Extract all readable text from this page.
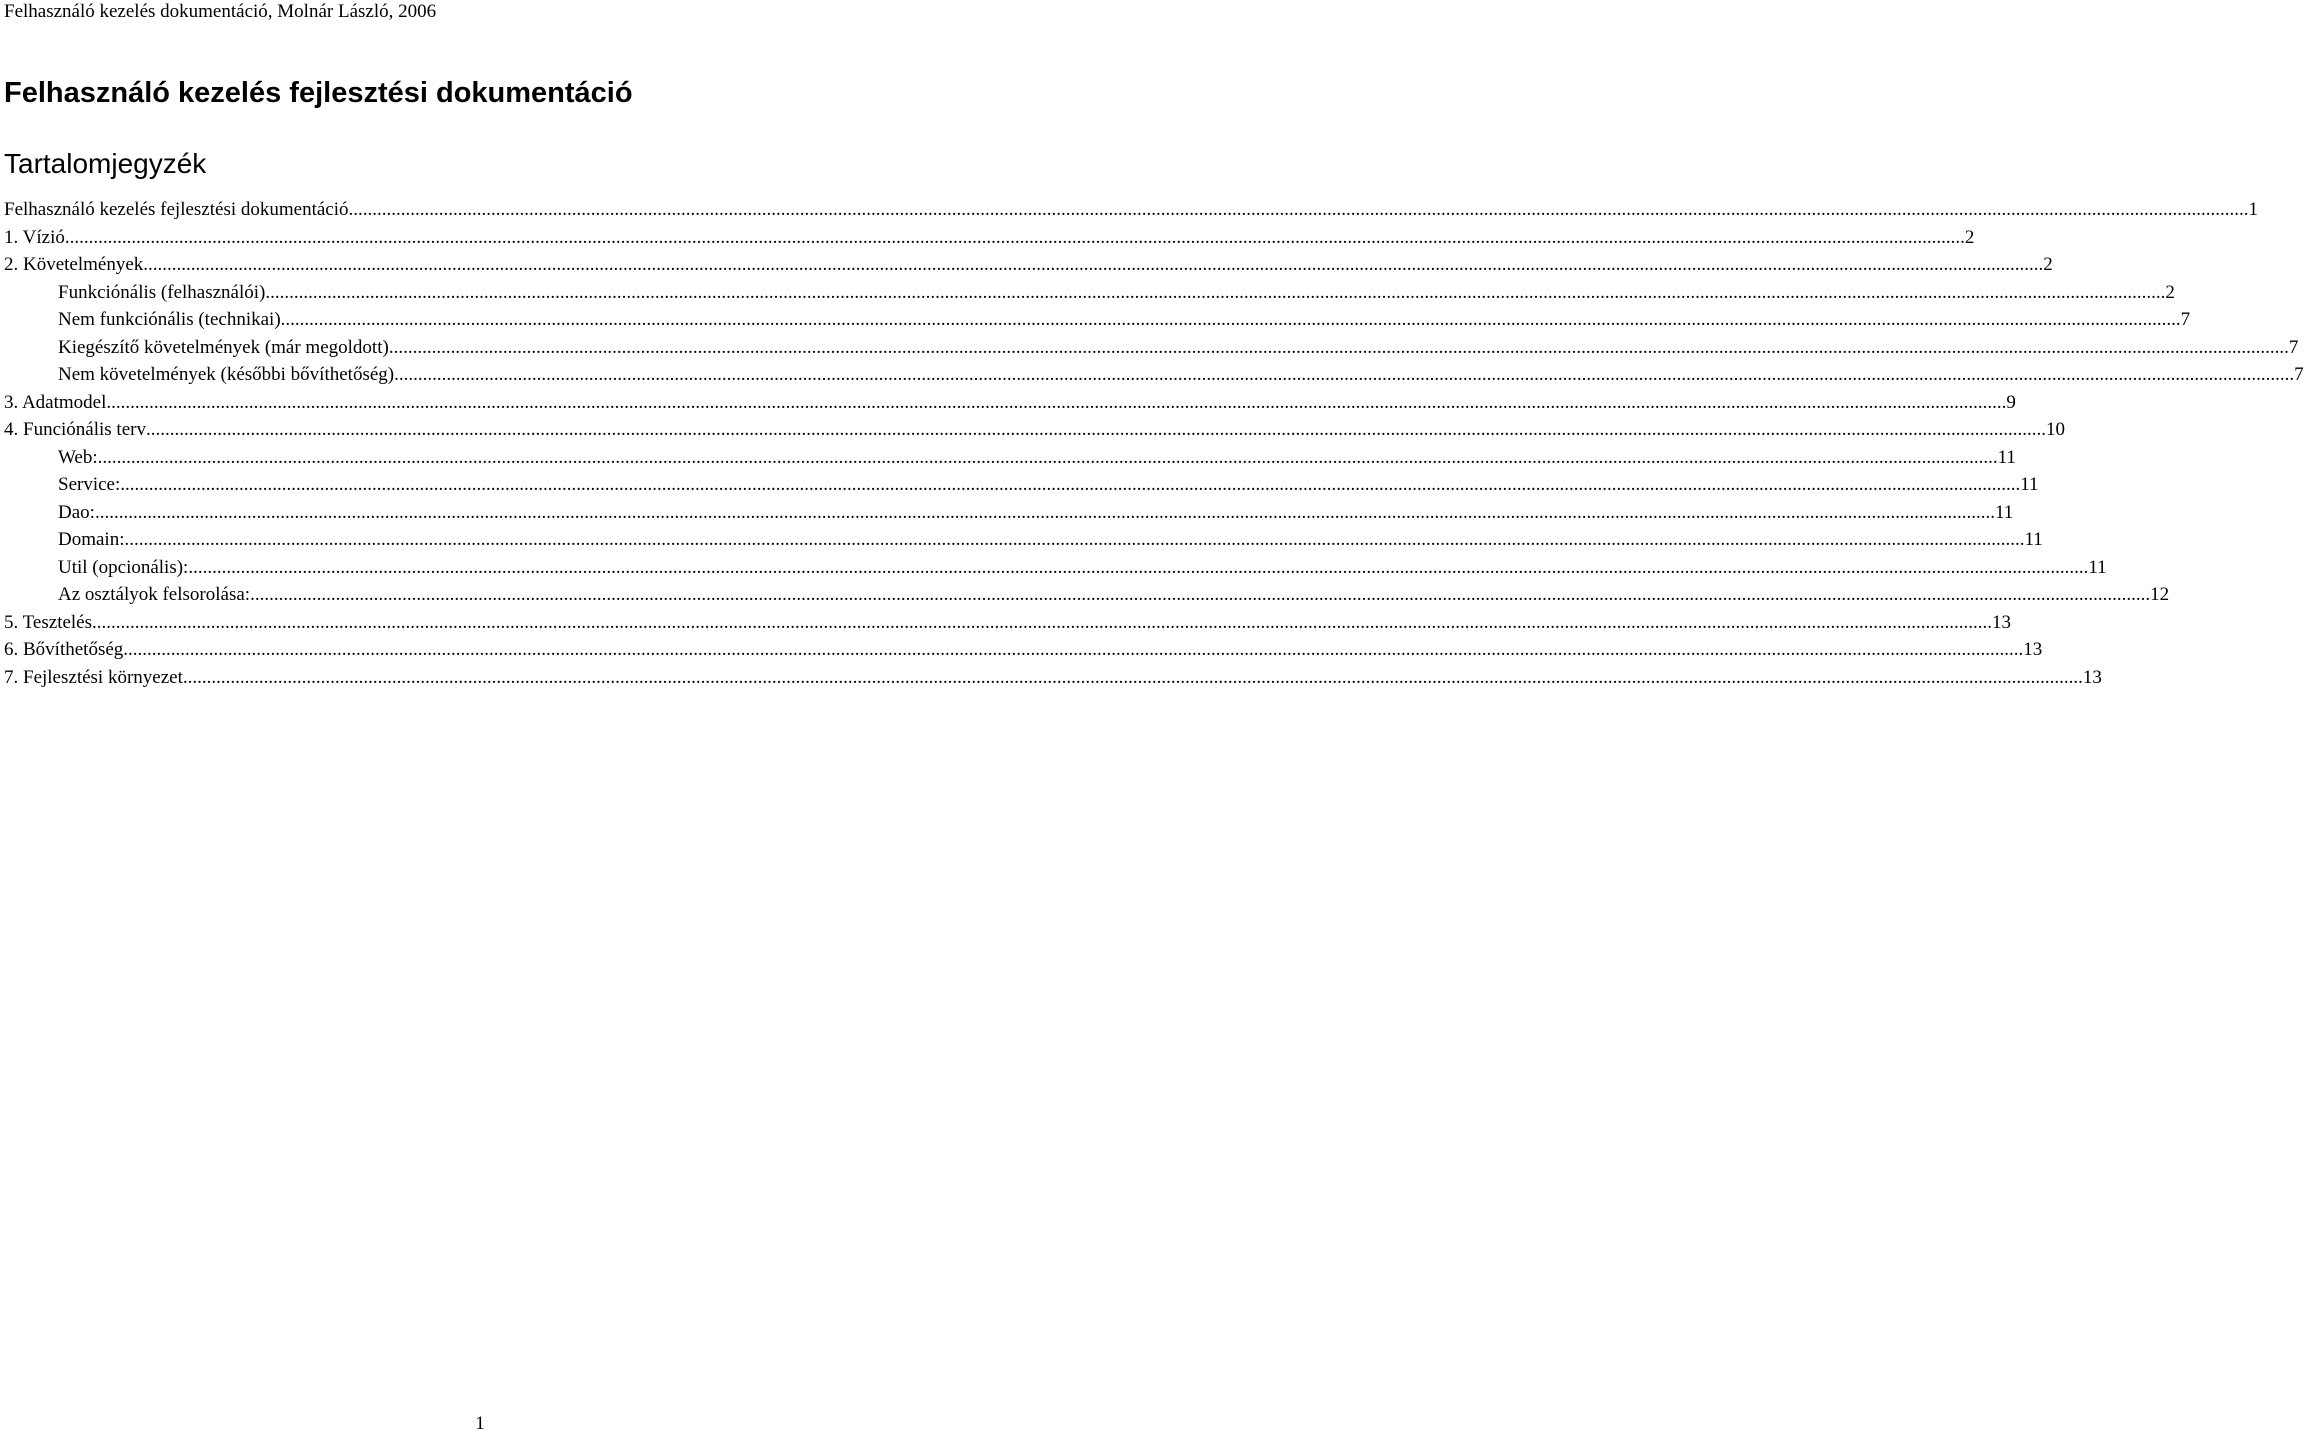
Felhasználó kezelés dokumentáció, Molnár László, 2006
Felhasználó kezelés fejlesztési dokumentáció
Tartalomjegyzék
Felhasználó kezelés fejlesztési dokumentáció ................................................................................................................................................................................................................................................................................................................................................................................................................ 1
1. Vízió ................................................................................................................................................................................................................................................................................................................................................................................................................ 2
2. Követelmények ................................................................................................................................................................................................................................................................................................................................................................................................................ 2
Funkciónális (felhasználói) ................................................................................................................................................................................................................................................................................................................................................................................................................ 2
Nem funkciónális (technikai) ................................................................................................................................................................................................................................................................................................................................................................................................................ 7
Kiegészítő követelmények (már megoldott) ................................................................................................................................................................................................................................................................................................................................................................................................................ 7
Nem követelmények (későbbi bővíthetőség) ................................................................................................................................................................................................................................................................................................................................................................................................................ 7
3. Adatmodel ................................................................................................................................................................................................................................................................................................................................................................................................................ 9
4. Funciónális terv ................................................................................................................................................................................................................................................................................................................................................................................................................ 10
Web: ................................................................................................................................................................................................................................................................................................................................................................................................................ 11
Service: ................................................................................................................................................................................................................................................................................................................................................................................................................ 11
Dao: ................................................................................................................................................................................................................................................................................................................................................................................................................ 11
Domain: ................................................................................................................................................................................................................................................................................................................................................................................................................ 11
Util (opcionális): ................................................................................................................................................................................................................................................................................................................................................................................................................ 11
Az osztályok felsorolása: ................................................................................................................................................................................................................................................................................................................................................................................................................ 12
5. Tesztelés ................................................................................................................................................................................................................................................................................................................................................................................................................ 13
6. Bővíthetőség ................................................................................................................................................................................................................................................................................................................................................................................................................ 13
7. Fejlesztési környezet ................................................................................................................................................................................................................................................................................................................................................................................................................ 13
1
